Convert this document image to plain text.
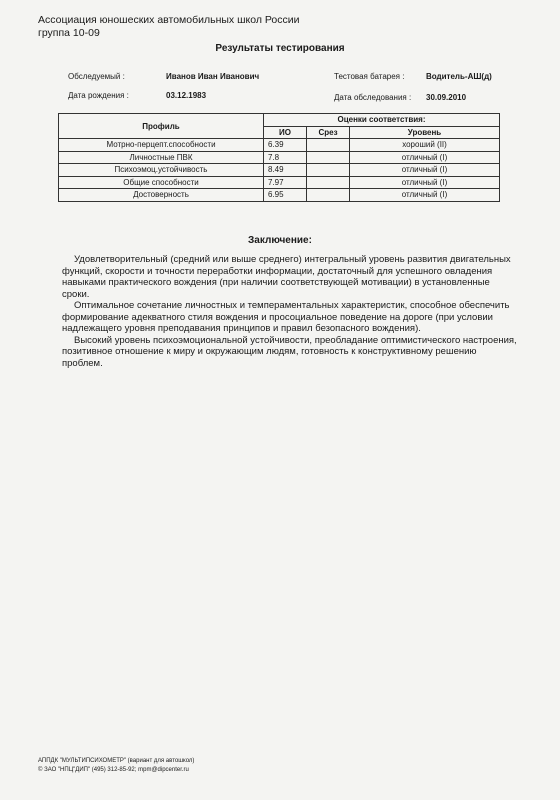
Ассоциация юношеских автомобильных школ России
группа 10-09
Результаты тестирования
Обследуемый :	Иванов Иван Иванович	Тестовая батарея :	Водитель-АШ(д)
Дата рождения :	03.12.1983	Дата обследования : 30.09.2010
Профиль	Оценки соответствия:		
	ИО	Срез	Уровень
Мотрно-перцепт.способности	6.39		хороший (II)
Личностные ПВК	7.8		отличный (I)
Психоэмоц.устойчивость	8.49		отличный (I)
Общие способности	7.97		отличный (I)
Достоверность	6.95		отличный (I)
Заключение:

Удовлетворительный (средний или выше среднего) интегральный уровень развития двигательных функций, скорости и точности переработки информации, достаточный для успешного овладения навыками практического вождения (при наличии соответствующей мотивации) в установленные сроки.

Оптимальное сочетание личностных и темпераментальных характеристик, способное обеспечить формирование адекватного стиля вождения и просоциальное поведение на дороге (при условии надлежащего уровня преподавания принципов и правил безопасного вождения).

Высокий уровень психоэмоциональной устойчивости, преобладание оптимистического настроения, позитивное отношение к миру и окружающим людям, готовность к конструктивному решению проблем.

АППДК "МУЛЬТИПСИХОМЕТР" (вариант для автошкол)
© ЗАО "НПЦ"ДИП" (495) 312-85-92; mpm@dipcenter.ru
